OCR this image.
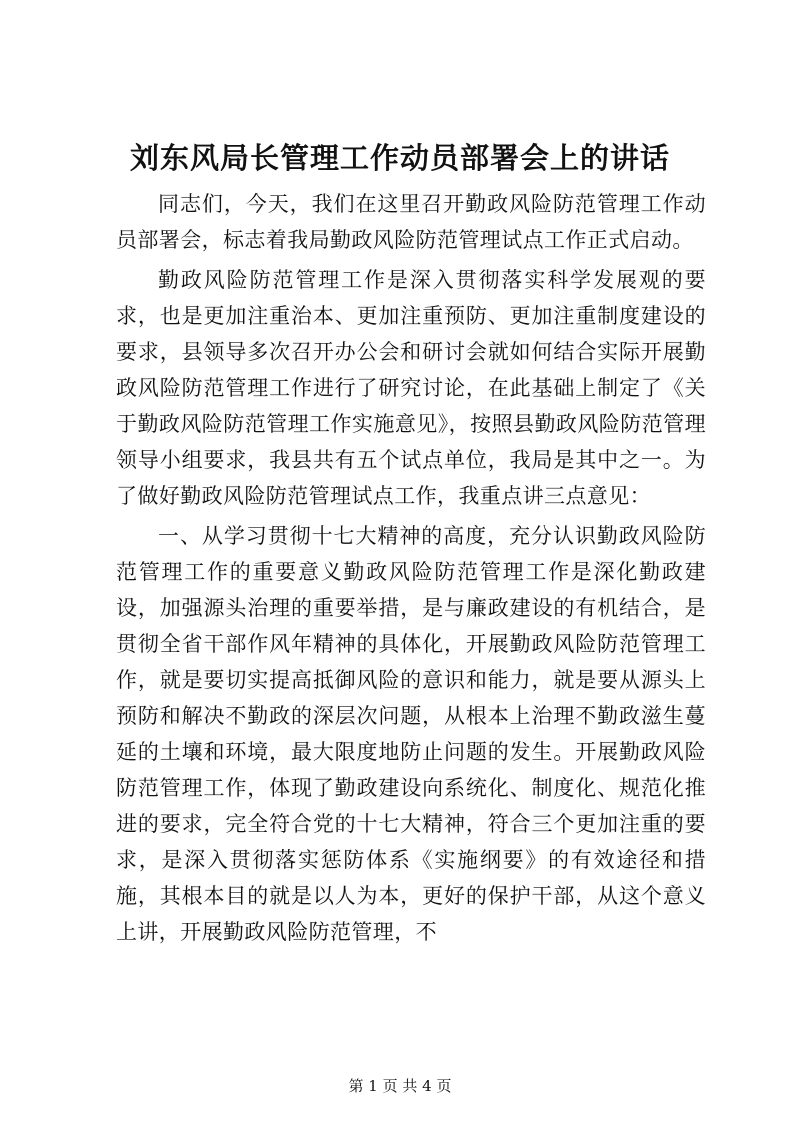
刘东风局长管理工作动员部署会上的讲话

同志们，今天，我们在这里召开勤政风险防范管理工作动员部署会，标志着我局勤政风险防范管理试点工作正式启动。

勤政风险防范管理工作是深入贯彻落实科学发展观的要求，也是更加注重治本、更加注重预防、更加注重制度建设的要求，县领导多次召开办公会和研讨会就如何结合实际开展勤政风险防范管理工作进行了研究讨论，在此基础上制定了《关于勤政风险防范管理工作实施意见》，按照县勤政风险防范管理领导小组要求，我县共有五个试点单位，我局是其中之一。为了做好勤政风险防范管理试点工作，我重点讲三点意见：

一、从学习贯彻十七大精神的高度，充分认识勤政风险防范管理工作的重要意义勤政风险防范管理工作是深化勤政建设，加强源头治理的重要举措，是与廉政建设的有机结合，是贯彻全省干部作风年精神的具体化，开展勤政风险防范管理工作，就是要切实提高抵御风险的意识和能力，就是要从源头上预防和解决不勤政的深层次问题，从根本上治理不勤政滋生蔓延的土壤和环境，最大限度地防止问题的发生。开展勤政风险防范管理工作，体现了勤政建设向系统化、制度化、规范化推进的要求，完全符合党的十七大精神，符合三个更加注重的要求，是深入贯彻落实惩防体系《实施纲要》的有效途径和措施，其根本目的就是以人为本，更好的保护干部，从这个意义上讲，开展勤政风险防范管理，不

第 1 页 共 4 页
